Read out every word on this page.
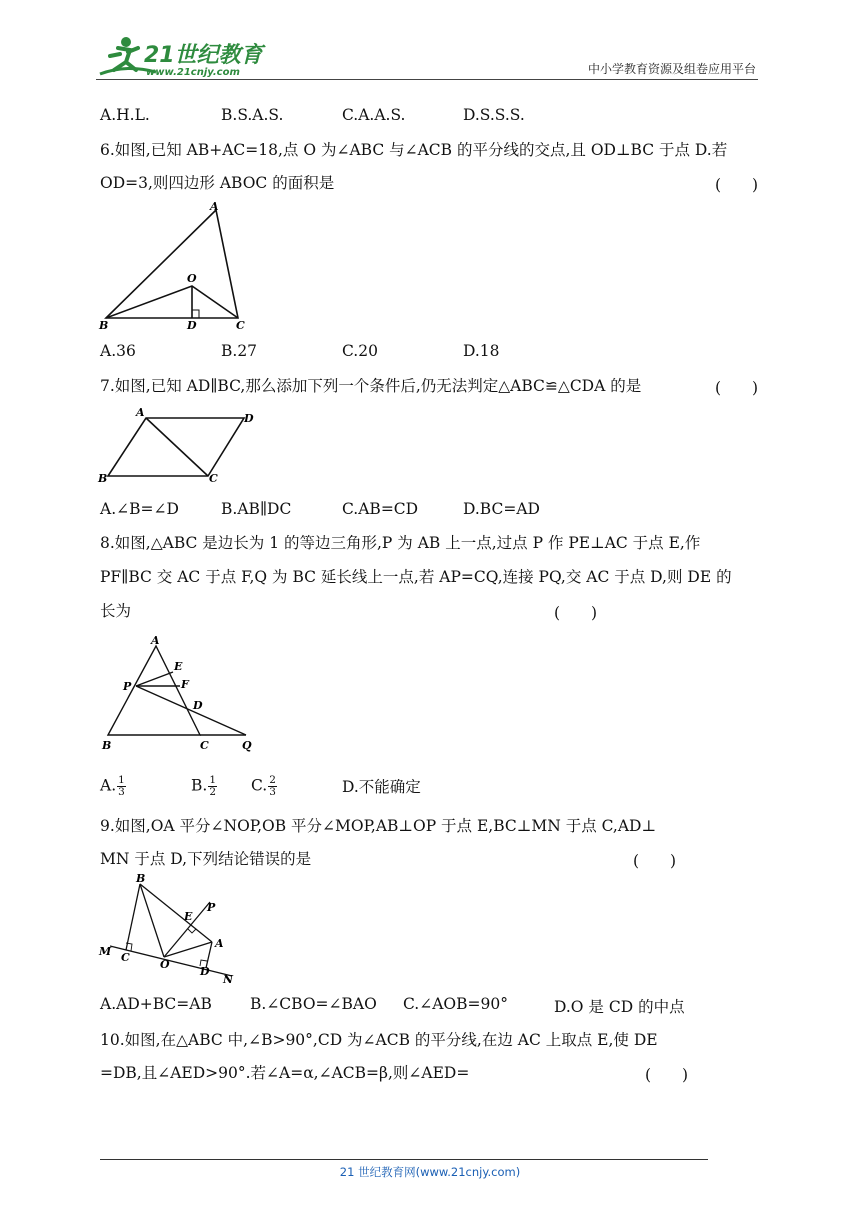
21世纪教育
www.21cnjy.com	中小学教育资源及组卷应用平台
A.H.L.	B.S.A.S.	C.A.A.S.	D.S.S.S.
6.如图,已知 AB+AC=18,点 O 为∠ABC 与∠ACB 的平分线的交点,且 OD⊥BC 于点 D.若
OD=3,则四边形 ABOC 的面积是	(　　)
A
O
B	D	C
A.36	B.27	C.20	D.18
7.如图,已知 AD∥BC,那么添加下列一个条件后,仍无法判定△ABC≌△CDA 的是	(　　)
A	D
B	C
A.∠B=∠D	B.AB∥DC	C.AB=CD	D.BC=AD
8.如图,△ABC 是边长为 1 的等边三角形,P 为 AB 上一点,过点 P 作 PE⊥AC 于点 E,作
PF∥BC 交 AC 于点 F,Q 为 BC 延长线上一点,若 AP=CQ,连接 PQ,交 AC 于点 D,则 DE 的
长为	(　　)
A
E
P	F
D
B	C	Q
A. $\frac{1}{3}$	B. $\frac{1}{2} C$. $\frac{2}{3}$	D.不能确定
9.如图,OA 平分∠NOP,OB 平分∠MOP,AB⊥OP 于点 E,BC⊥MN 于点 C,AD⊥
MN 于点 D,下列结论错误的是	(　　)
B
E
P
A
M C
O
D
N
A.AD+BC=AB B.∠CBO=∠BAO C.∠AOB=90°	D.O 是 CD 的中点
10.如图,在△ABC 中,∠B>90°,CD 为∠ACB 的平分线,在边 AC 上取点 E,使 DE
=DB,且∠AED>90°.若∠A=α,∠ACB=β,则∠AED=	(　　)
21 世纪教育网(www.21cnjy.com)
